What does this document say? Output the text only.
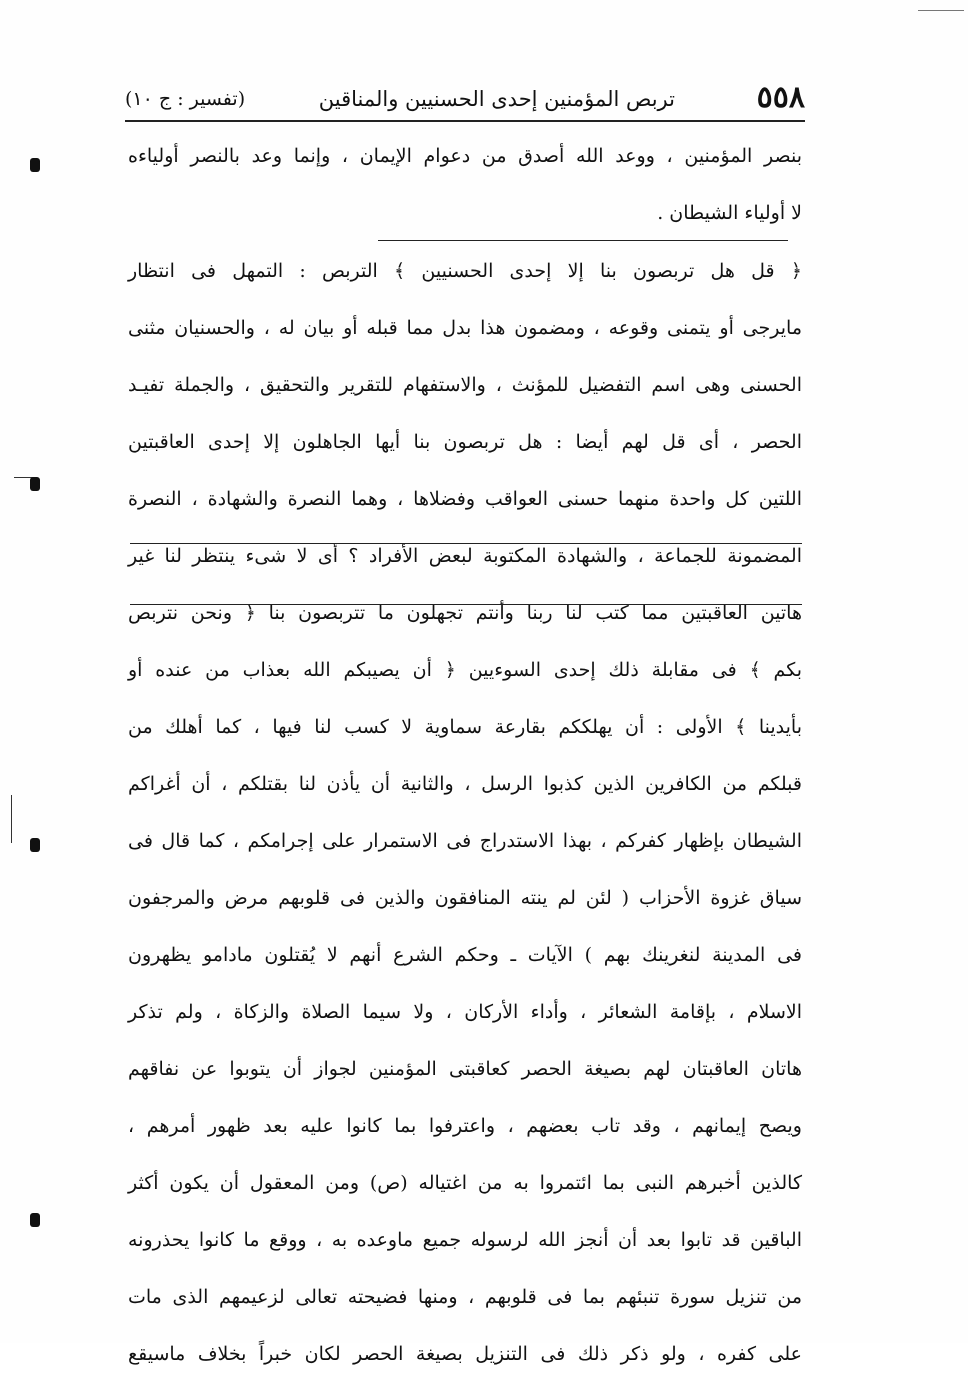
٥٥٨
تربص المؤمنين إحدى الحسنيين والمناقين
(تفسير : ج ١٠)
بنصر المؤمنين ، ووعد الله أصدق من دعوام الإيمان ، وإنما وعد بالنصر أولياءه
لا أولياء الشيطان .
﴿ قل هل تربصون بنا إلا إحدى الحسنيين ﴾ التربص : التمهل فى انتظار
مايرجى أو يتمنى وقوعه ، ومضمون هذا بدل مما قبله أو بيان له ، والحسنيان مثنى
الحسنى وهى اسم التفضيل للمؤنث ، والاستفهام للتقرير والتحقيق ، والجملة تفيـد
الحصر ، أى قل لهم أيضا : هل تربصون بنا أيها الجاهلون إلا إحدى العاقبتين
اللتين كل واحدة منهما حسنى العواقب وفضلاها ، وهما النصرة والشهادة ، النصرة
المضمونة للجماعة ، والشهادة المكتوبة لبعض الأفراد ؟ أى لا شىء ينتظر لنا غير
هاتين العاقبتين مما كتب لنا ربنا وأنتم تجهلون ما تتربصون بنا ﴿ ونحن نتربص
بكم ﴾ فى مقابلة ذلك إحدى السوءيين ﴿ أن يصيبكم الله بعذاب من عنده أو
بأيدينا ﴾ الأولى : أن يهلككم بقارعة سماوية لا كسب لنا فيها ، كما أهلك من
قبلكم من الكافرين الذين كذبوا الرسل ، والثانية أن يأذن لنا بقتلكم ، أن أغراكم
الشيطان بإظهار كفركم ، بهذا الاستدراج فى الاستمرار على إجرامكم ، كما قال فى
سياق غزوة الأحزاب ( لئن لم ينته المنافقون والذين فى قلوبهم مرض والمرجفون
فى المدينة لنغرينك بهم ) الآيات ـ وحكم الشرع أنهم لا يُقتلون مادامو يظهرون
الاسلام ، بإقامة الشعائر ، وأداء الأركان ، ولا سيما الصلاة والزكاة ، ولم تذكر
هاتان العاقبتان لهم بصيغة الحصر كعاقبتى المؤمنين لجواز أن يتوبوا عن نفاقهم
ويصح إيمانهم ، وقد تاب بعضهم ، واعترفوا بما كانوا عليه بعد ظهور أمرهم ،
كالذين أخبرهم النبى بما ائتمروا به من اغتياله (ص) ومن المعقول أن يكون أكثر
الباقين قد تابوا بعد أن أنجز الله لرسوله جميع ماوعده به ، ووقع ما كانوا يحذرونه
من تنزيل سورة تنبئهم بما فى قلوبهم ، ومنها فضيحته تعالى لزعيمهم الذى مات
على كفره ، ولو ذكر ذلك فى التنزيل بصيغة الحصر لكان خبراً بخلاف ماسيقع
